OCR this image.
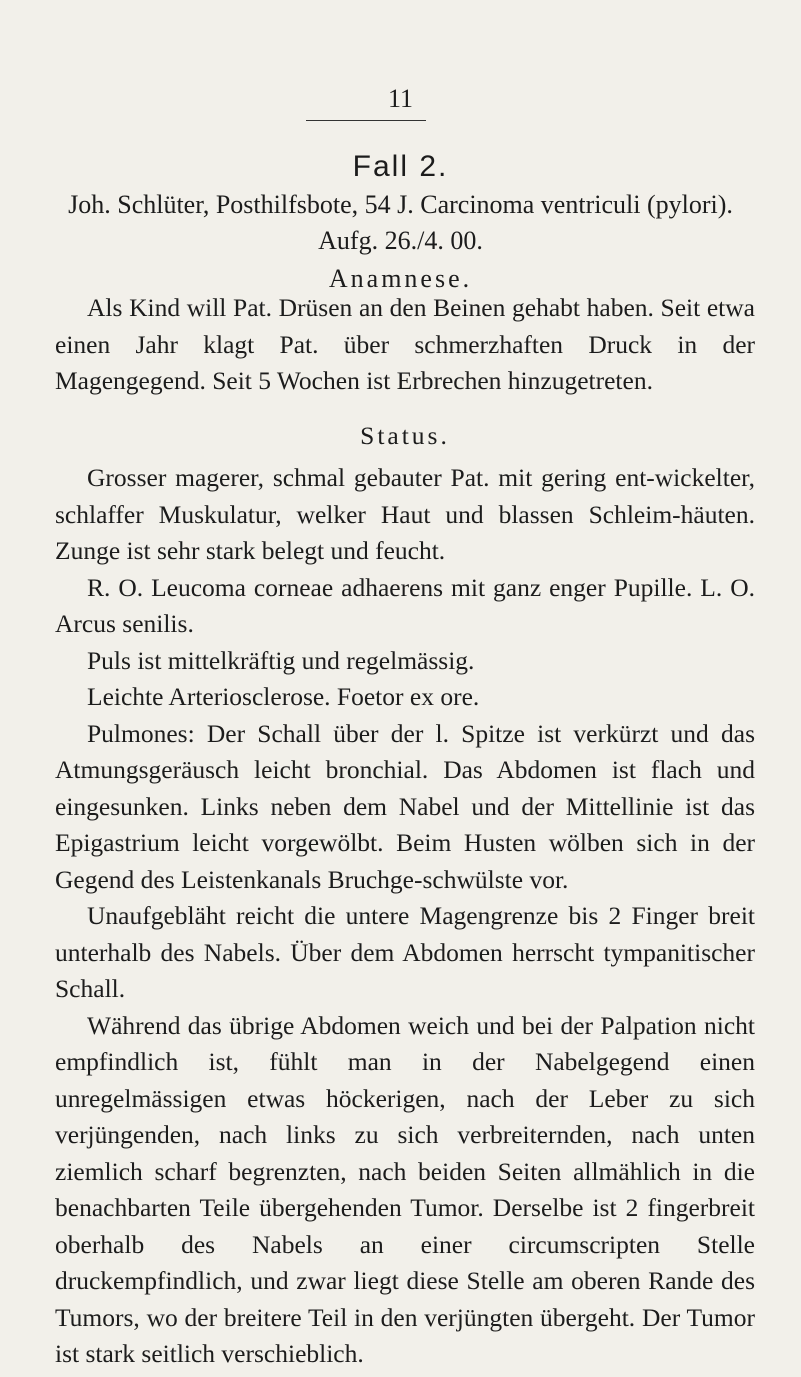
11
Fall 2.
Joh. Schlüter, Posthilfsbote, 54 J. Carcinoma ventriculi (pylori).
Aufg. 26./4. 00.
Anamnese.

Als Kind will Pat. Drüsen an den Beinen gehabt haben. Seit etwa einen Jahr klagt Pat. über schmerzhaften Druck in der Magengegend. Seit 5 Wochen ist Erbrechen hinzugetreten.

Status.

Grosser magerer, schmal gebauter Pat. mit gering ent-wickelter, schlaffer Muskulatur, welker Haut und blassen Schleim-häuten. Zunge ist sehr stark belegt und feucht.

R. O. Leucoma corneae adhaerens mit ganz enger Pupille. L. O. Arcus senilis.

Puls ist mittelkräftig und regelmässig.

Leichte Arteriosclerose. Foetor ex ore.

Pulmones: Der Schall über der l. Spitze ist verkürzt und das Atmungsgeräusch leicht bronchial. Das Abdomen ist flach und eingesunken. Links neben dem Nabel und der Mittellinie ist das Epigastrium leicht vorgewölbt. Beim Husten wölben sich in der Gegend des Leistenkanals Bruchge-schwülste vor.

Unaufgebläht reicht die untere Magengrenze bis 2 Finger breit unterhalb des Nabels. Über dem Abdomen herrscht tympanitischer Schall.

Während das übrige Abdomen weich und bei der Palpation nicht empfindlich ist, fühlt man in der Nabelgegend einen unregelmässigen etwas höckerigen, nach der Leber zu sich verjüngenden, nach links zu sich verbreiternden, nach unten ziemlich scharf begrenzten, nach beiden Seiten allmählich in die benachbarten Teile übergehenden Tumor. Derselbe ist 2 fingerbreit oberhalb des Nabels an einer circumscripten Stelle druckempfindlich, und zwar liegt diese Stelle am oberen Rande des Tumors, wo der breitere Teil in den verjüngten übergeht. Der Tumor ist stark seitlich verschieblich.
